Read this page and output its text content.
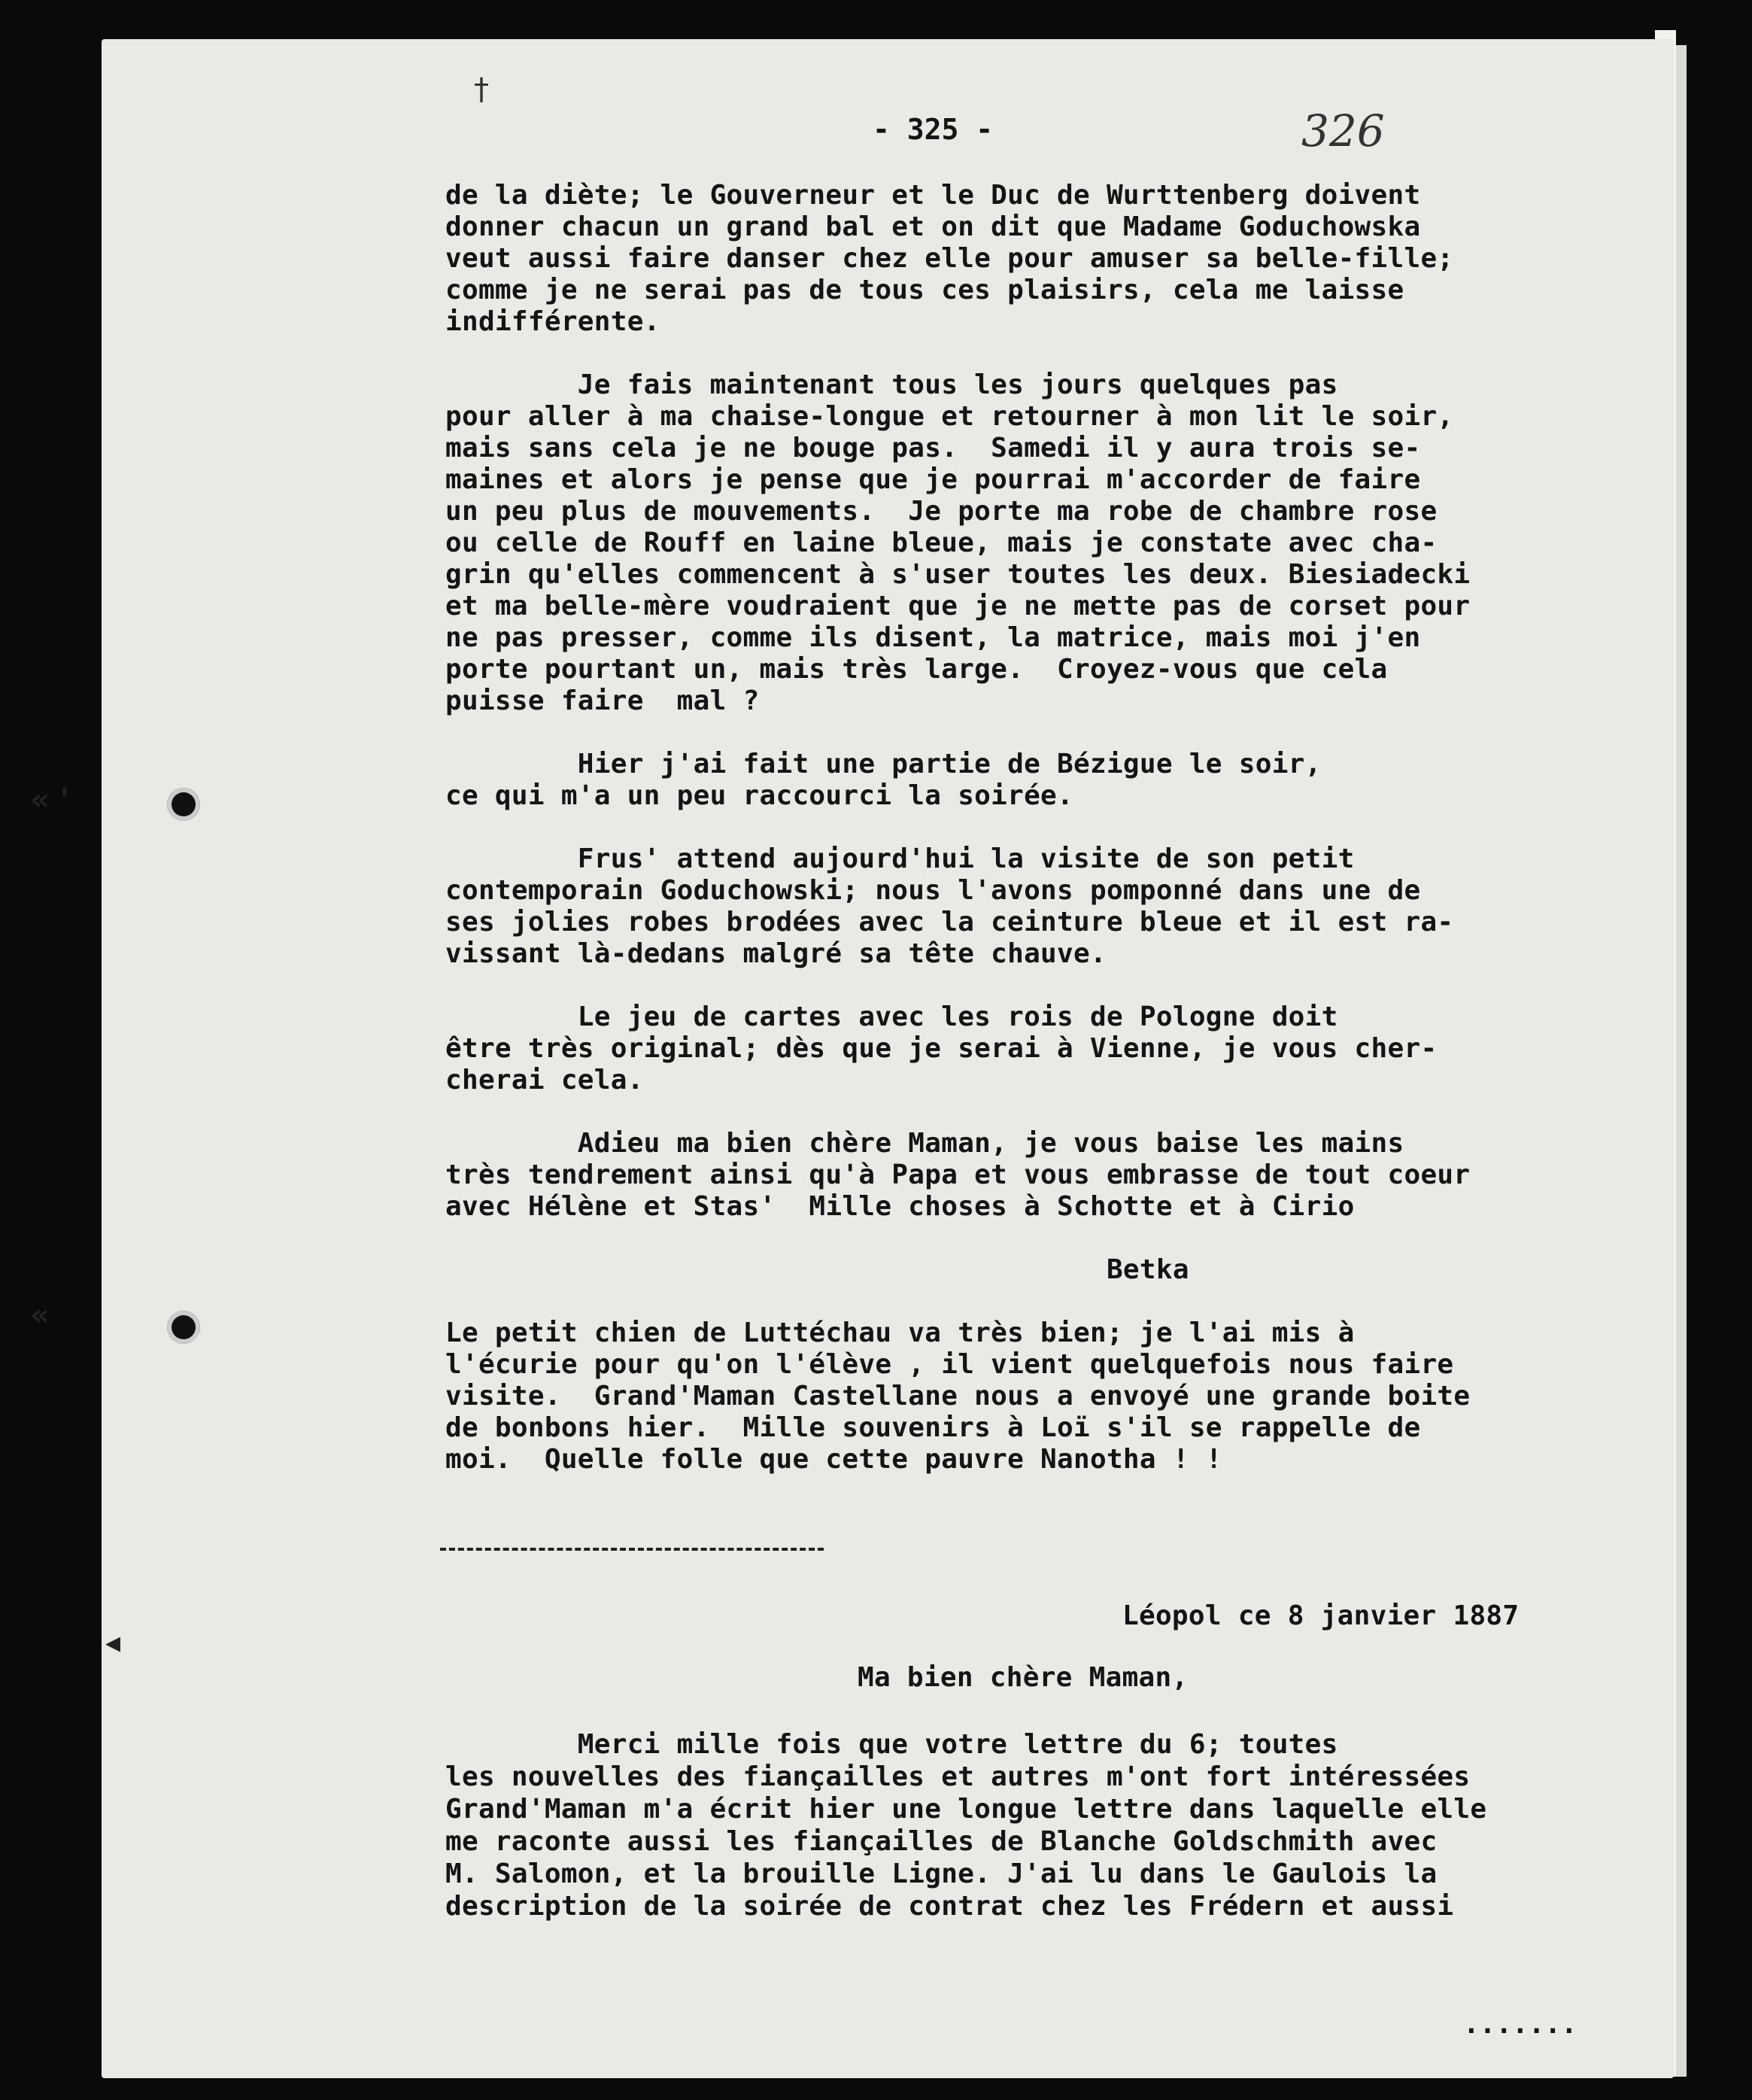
« '
«
◂
†
- 325 -	326
de la diète; le Gouverneur et le Duc de Wurttenberg doivent
donner chacun un grand bal et on dit que Madame Goduchowska
veut aussi faire danser chez elle pour amuser sa belle-fille;
comme je ne serai pas de tous ces plaisirs, cela me laisse
indifférente.
Je fais maintenant tous les jours quelques pas
pour aller à ma chaise-longue et retourner à mon lit le soir,
mais sans cela je ne bouge pas.  Samedi il y aura trois se-
maines et alors je pense que je pourrai m'accorder de faire
un peu plus de mouvements.  Je porte ma robe de chambre rose
ou celle de Rouff en laine bleue, mais je constate avec cha-
grin qu'elles commencent à s'user toutes les deux. Biesiadecki
et ma belle-mère voudraient que je ne mette pas de corset pour
ne pas presser, comme ils disent, la matrice, mais moi j'en
porte pourtant un, mais très large.  Croyez-vous que cela
puisse faire  mal ?
Hier j'ai fait une partie de Bézigue le soir,
ce qui m'a un peu raccourci la soirée.
Frus' attend aujourd'hui la visite de son petit
contemporain Goduchowski; nous l'avons pomponné dans une de
ses jolies robes brodées avec la ceinture bleue et il est ra-
vissant là-dedans malgré sa tête chauve.
Le jeu de cartes avec les rois de Pologne doit
être très original; dès que je serai à Vienne, je vous cher-
cherai cela.
Adieu ma bien chère Maman, je vous baise les mains
très tendrement ainsi qu'à Papa et vous embrasse de tout coeur
avec Hélène et Stas'  Mille choses à Schotte et à Cirio
Betka
Le petit chien de Luttéchau va très bien; je l'ai mis à
l'écurie pour qu'on l'élève , il vient quelquefois nous faire
visite.  Grand'Maman Castellane nous a envoyé une grande boite
de bonbons hier.  Mille souvenirs à Loï s'il se rappelle de
moi.  Quelle folle que cette pauvre Nanotha ! !
Léopol ce 8 janvier 1887
Ma bien chère Maman,
Merci mille fois que votre lettre du 6; toutes
les nouvelles des fiançailles et autres m'ont fort intéressées
Grand'Maman m'a écrit hier une longue lettre dans laquelle elle
me raconte aussi les fiançailles de Blanche Goldschmith avec
M. Salomon, et la brouille Ligne. J'ai lu dans le Gaulois la
description de la soirée de contrat chez les Frédern et aussi
.......
